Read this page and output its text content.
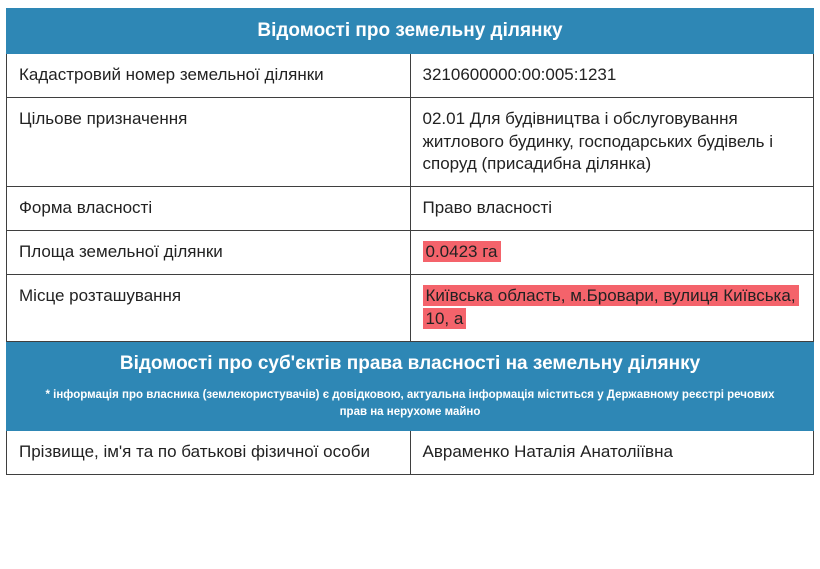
Відомості про земельну ділянку	
Кадастровий номер земельної ділянки	3210600000:00:005:1231
Цільове призначення	02.01 Для будівництва і обслуговування житлового будинку, господарських будівель і споруд (присадибна ділянка)
Форма власності	Право власності
Площа земельної ділянки	0.0423 га
Місце розташування	Київська область, м.Бровари, вулиця Київська, 10, а
Відомості про суб'єктів права власності на земельну ділянку	
* інформація про власника (землекористувачів) є довідковою, актуальна інформація міститься у Державному реєстрі речових прав на нерухоме майно	
Прізвище, ім'я та по батькові фізичної особи	Авраменко Наталія Анатоліївна
